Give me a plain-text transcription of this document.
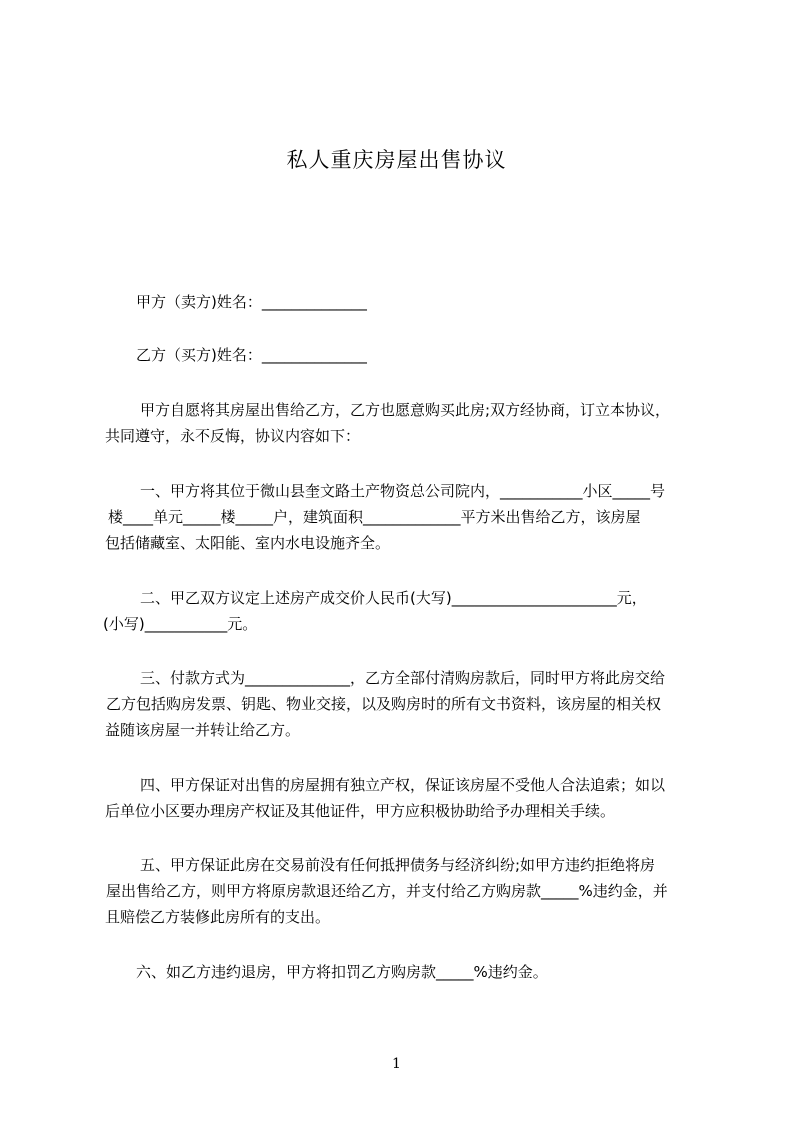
私人重庆房屋出售协议
甲方（卖方)姓名：______________
乙方（买方)姓名：______________
甲方自愿将其房屋出售给乙方，乙方也愿意购买此房;双方经协商，订立本协议，
共同遵守，永不反悔，协议内容如下：
一、甲方将其位于微山县奎文路土产物资总公司院内，___________小区_____号
楼____单元_____楼_____户，建筑面积_____________平方米出售给乙方，该房屋
包括储藏室、太阳能、室内水电设施齐全。
二、甲乙双方议定上述房产成交价人民币(大写)______________________元，
(小写)___________元。
三、付款方式为______________，乙方全部付清购房款后，同时甲方将此房交给
乙方包括购房发票、钥匙、物业交接，以及购房时的所有文书资料，该房屋的相关权
益随该房屋一并转让给乙方。
四、甲方保证对出售的房屋拥有独立产权，保证该房屋不受他人合法追索；如以
后单位小区要办理房产权证及其他证件，甲方应积极协助给予办理相关手续。
五、甲方保证此房在交易前没有任何抵押债务与经济纠纷;如甲方违约拒绝将房
屋出售给乙方，则甲方将原房款退还给乙方，并支付给乙方购房款_____%违约金，并
且赔偿乙方装修此房所有的支出。
六、如乙方违约退房，甲方将扣罚乙方购房款_____%违约金。
1
